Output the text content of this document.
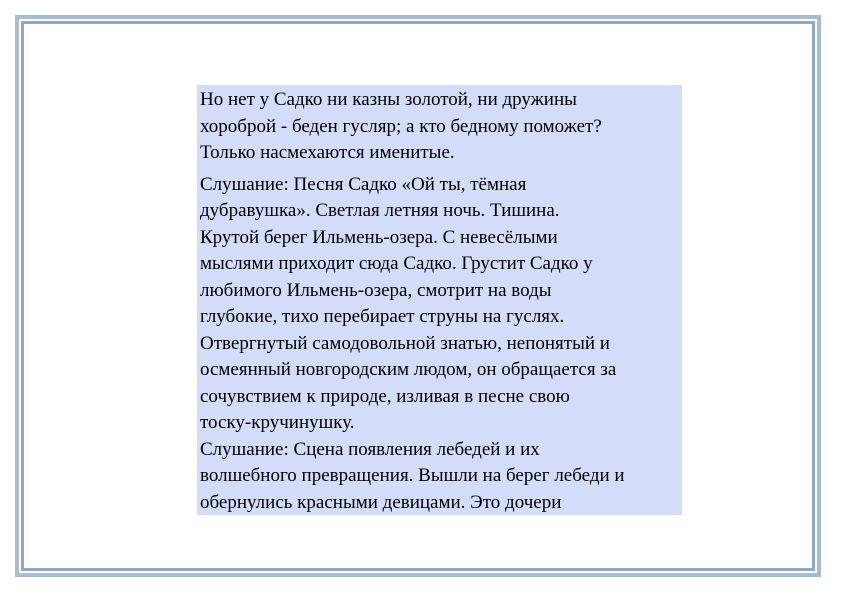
Но нет у Садко ни казны золотой, ни дружины
хороброй - беден гусляр; а кто бедному поможет?
Только насмехаются именитые.

Слушание: Песня Садко «Ой ты, тёмная
дубравушка». Светлая летняя ночь. Тишина.
Крутой берег Ильмень-озера. С невесёлыми
мыслями приходит сюда Садко. Грустит Садко у
любимого Ильмень-озера, смотрит на воды
глубокие, тихо перебирает струны на гуслях.
Отвергнутый самодовольной знатью, непонятый и
осмеянный новгородским людом, он обращается за
сочувствием к природе, изливая в песне свою
тоску-кручинушку.

Слушание: Сцена появления лебедей и их
волшебного превращения. Вышли на берег лебеди и
обернулись красными девицами. Это дочери
